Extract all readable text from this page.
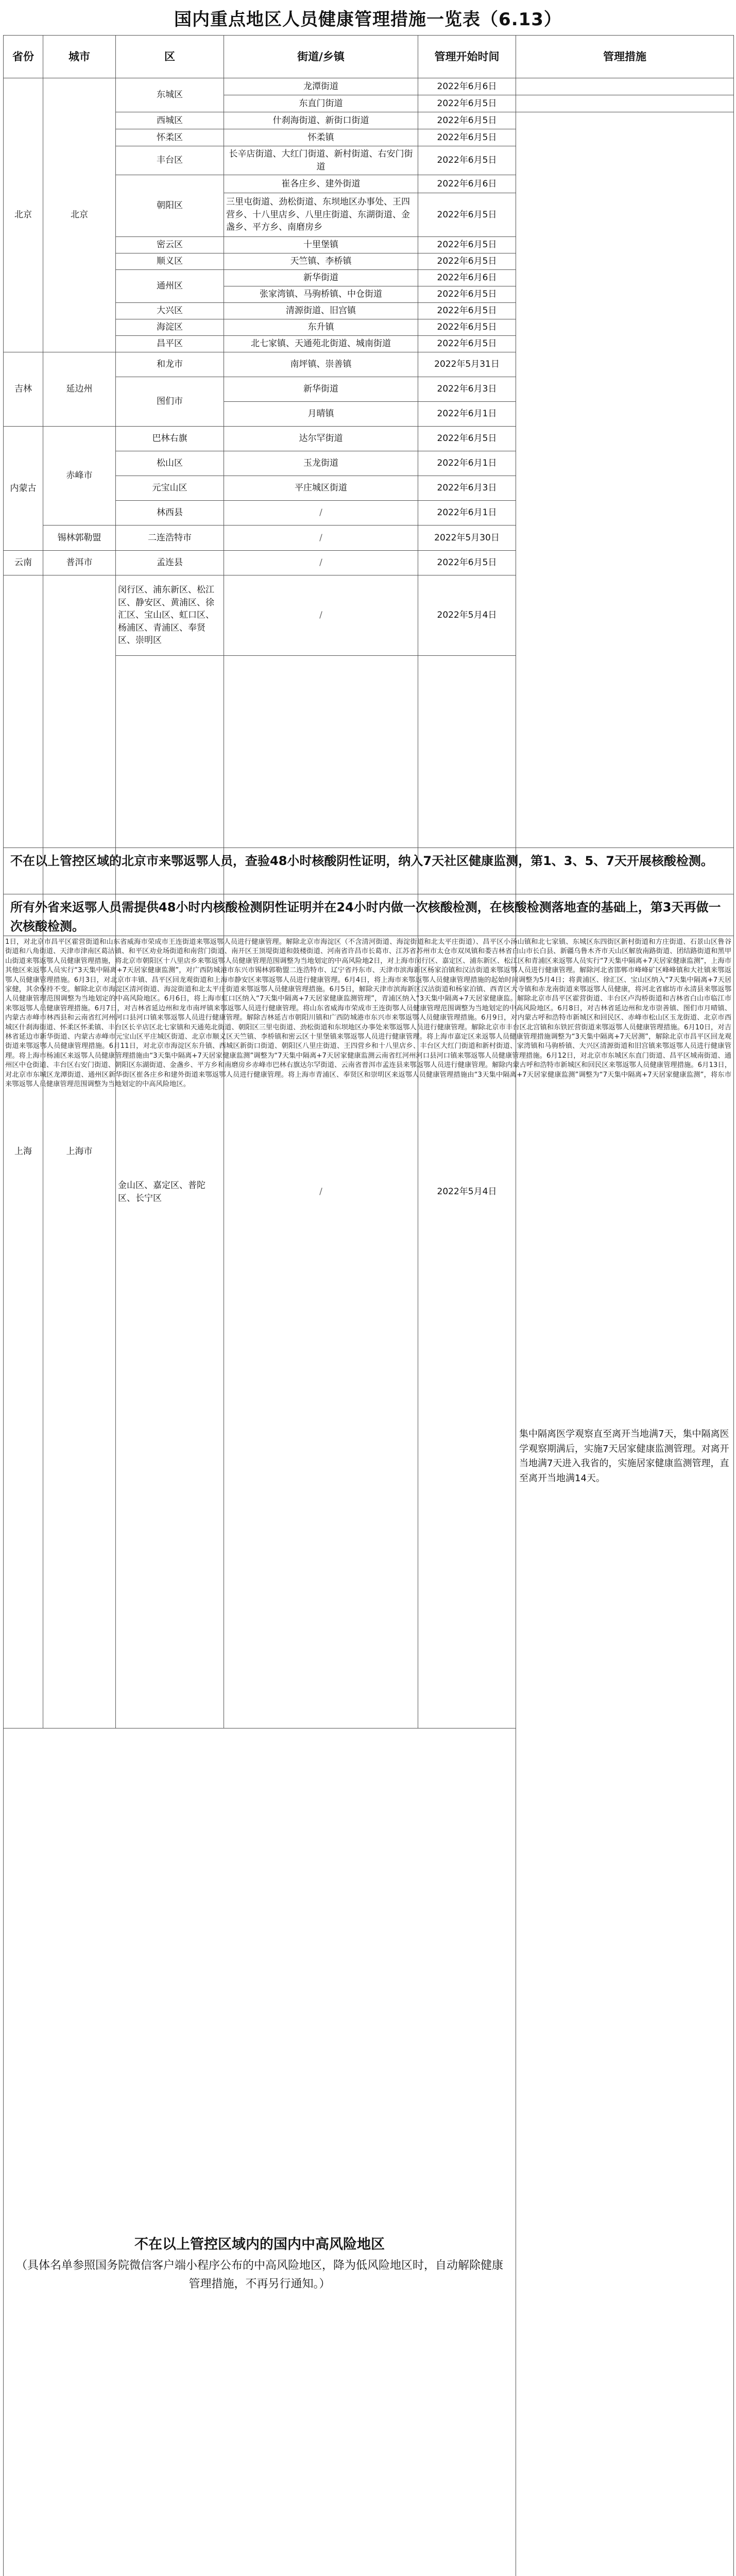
国内重点地区人员健康管理措施一览表（6.13）
省份	城市	区	街道/乡镇	管理开始时间	管理措施	
北京	北京	东城区	龙潭街道	2022年6月6日		
			东直门街道	2022年6月5日		
		西城区	什刹海街道、新街口街道	2022年6月5日	集中隔离医学观察直至离开当地满7天，集中隔离医学观察期满后，实施7天居家健康监测管理。对离开当地满7天进入我省的，实施居家健康监测管理，直至离开当地满14天。	
		怀柔区	怀柔镇	2022年6月5日		
		丰台区	长辛店街道、大红门街道、新村街道、右安门街道	2022年6月5日		
		朝阳区	崔各庄乡、建外街道	2022年6月6日		
			三里屯街道、劲松街道、东坝地区办事处、王四营乡、十八里店乡、八里庄街道、东湖街道、金盏乡、平方乡、南磨房乡	2022年6月5日		
		密云区	十里堡镇	2022年6月5日		
		顺义区	天竺镇、李桥镇	2022年6月5日		
		通州区	新华街道	2022年6月6日		
			张家湾镇、马驹桥镇、中仓街道	2022年6月5日		
		大兴区	清源街道、旧宫镇	2022年6月5日		
		海淀区	东升镇	2022年6月5日		
		昌平区	北七家镇、天通苑北街道、城南街道	2022年6月5日		
吉林	延边州	和龙市	南坪镇、崇善镇	2022年5月31日		
		图们市	新华街道	2022年6月3日		
			月晴镇	2022年6月1日		
内蒙古	赤峰市	巴林右旗	达尔罕街道	2022年6月5日		
		松山区	玉龙街道	2022年6月1日		
		元宝山区	平庄城区街道	2022年6月3日		
		林西县	/	2022年6月1日		
	锡林郭勒盟	二连浩特市	/	2022年5月30日		
云南	普洱市	孟连县	/	2022年6月5日		
上海	上海市	闵行区、浦东新区、松江区、静安区、黄浦区、徐汇区、宝山区、虹口区、杨浦区、青浦区、奉贤区、崇明区	/	2022年5月4日		
		金山区、嘉定区、普陀区、长宁区	/	2022年5月4日	

不在以上管控区域内的国内中高风险地区
（具体名单参照国务院微信客户端小程序公布的中高风险地区，降为低风险地区时，自动解除健康管理措施，不再另行通知。）

不在以上管控区域的北京市来鄂返鄂人员，查验48小时核酸阴性证明，纳入7天社区健康监测，第1、3、5、7天开展核酸检测。
所有外省来返鄂人员需提供48小时内核酸检测阴性证明并在24小时内做一次核酸检测，在核酸检测落地查的基础上，第3天再做一次核酸检测。
1日，对北京市昌平区霍营街道和山东省威海市荣成市王连街道来鄂返鄂人员进行健康管理。解除北京市海淀区（不含清河街道、海淀街道和北太平庄街道）、昌平区小汤山镇和北七家镇、东城区东四街区新村街道和方庄街道、石景山区鲁谷街道和八角街道、天津市津南区葛沽镇、和平区劝业场街道和南营门街道、南开区王顶堤街道和鼓楼街道、河南省许昌市长葛市、江苏省苏州市太仓市双凤镇和娄吉林省白山市长白县、新疆乌鲁木齐市天山区解放南路街道、团结路街道和黑甲山街道来鄂返鄂人员健康管理措施，将北京市朝阳区十八里店乡来鄂返鄂人员健康管理范围调整为当地划定的中高风险地2日，对上海市闵行区、嘉定区、浦东新区、松江区和青浦区来返鄂人员实行“7天集中隔离+7天居家健康监测”，上海市其他区来返鄂人员实行“3天集中隔离+7天居家健康监测”，对广西防城港市东兴市锡林郭勒盟二连浩特市、辽宁省丹东市、天津市滨海新区杨家泊镇和汉沽街道来鄂返鄂人员进行健康管理。解除河北省邯郸市峰峰矿区峰峰镇和大社镇来鄂返鄂人员健康管理措施。6月3日，对北京市丰镇、昌平区回龙观街道和上海市静安区来鄂返鄂人员进行健康管理。6月4日，将上海市来鄂返鄂人员健康管理措施的起始时间调整为5月4日；将黄浦区、徐汇区、宝山区纳入“7天集中隔离+7天居家健，其余保持不变。解除北京市海淀区清河街道、海淀街道和北太平庄街道来鄂返鄂人员健康管理措施。6月5日，解除天津市滨海新区汉沽街道和杨家泊镇、西青区大寺镇和赤龙南街道来鄂返鄂人员健康，将河北省廊坊市永清县来鄂返鄂人员健康管理范围调整为当地划定的中高风险地区。6月6日，将上海市虹口区纳入“7天集中隔离+7天居家健康监测管理”，青浦区纳入“3天集中隔离+7天居家健康监。解除北京市昌平区霍营街道、丰台区卢沟桥街道和吉林省白山市临江市来鄂返鄂人员健康管理措施。6月7日，对吉林省延边州和龙市南坪镇来鄂返鄂人员进行健康管理。将山东省威海市荣成市王连街鄂人员健康管理范围调整为当地划定的中高风险地区。6月8日，对吉林省延边州和龙市崇善镇、图们市月晴镇、内蒙古赤峰市林西县和云南省红河州河口县河口镇来鄂返鄂人员进行健康管理。解除吉林延吉市朝阳川镇和广西防城港市东兴市来鄂返鄂人员健康管理措施。6月9日，对内蒙古呼和浩特市新城区和回民区、赤峰市松山区玉龙街道、北京市西城区什刹海街道、怀柔区怀柔镇、丰台区长辛店区北七家镇和天通苑北街道、朝阳区三里屯街道、劲松街道和东坝地区办事处来鄂返鄂人员进行健康管理。解除北京市丰台区北宫镇和东铁匠营街道来鄂返鄂人员健康管理措施。6月10日，对吉林省延边市新华街道、内蒙古赤峰市元宝山区平庄城区街道、北京市顺义区天竺镇、李桥镇和密云区十里堡镇来鄂返鄂人员进行健康管理。将上海市嘉定区来返鄂人员健康管理措施调整为“3天集中隔离+7天居测”，解除北京市昌平区回龙观街道来鄂返鄂人员健康管理措施。6月11日，对北京市海淀区东升镇、西城区新街口街道、朝阳区八里庄街道、王四营乡和十八里店乡、丰台区大红门街道和新村街道、家湾镇和马驹桥镇、大兴区清源街道和旧宫镇来鄂返鄂人员进行健康管理。将上海市杨浦区来返鄂人员健康管理措施由“3天集中隔离+7天居家健康监测”调整为“7天集中隔离+7天居家健康监测云南省红河州河口县河口镇来鄂返鄂人员健康管理措施。6月12日，对北京市东城区东直门街道、昌平区城南街道、通州区中仓街道、丰台区右安门街道、朝阳区东湖街道、金盏乡、平方乡和南磨房乡赤峰市巴林右旗达尔罕街道、云南省普洱市孟连县来鄂返鄂人员进行健康管理。解除内蒙古呼和浩特市新城区和回民区来鄂返鄂人员健康管理措施。6月13日，对北京市东城区龙潭街道、通州区新华街区崔各庄乡和建外街道来鄂返鄂人员进行健康管理。将上海市青浦区、奉贤区和崇明区来返鄂人员健康管理措施由“3天集中隔离+7天居家健康监测”调整为“7天集中隔离+7天居家健康监测”，将东市来鄂返鄂人员健康管理范围调整为当地划定的中高风险地区。
